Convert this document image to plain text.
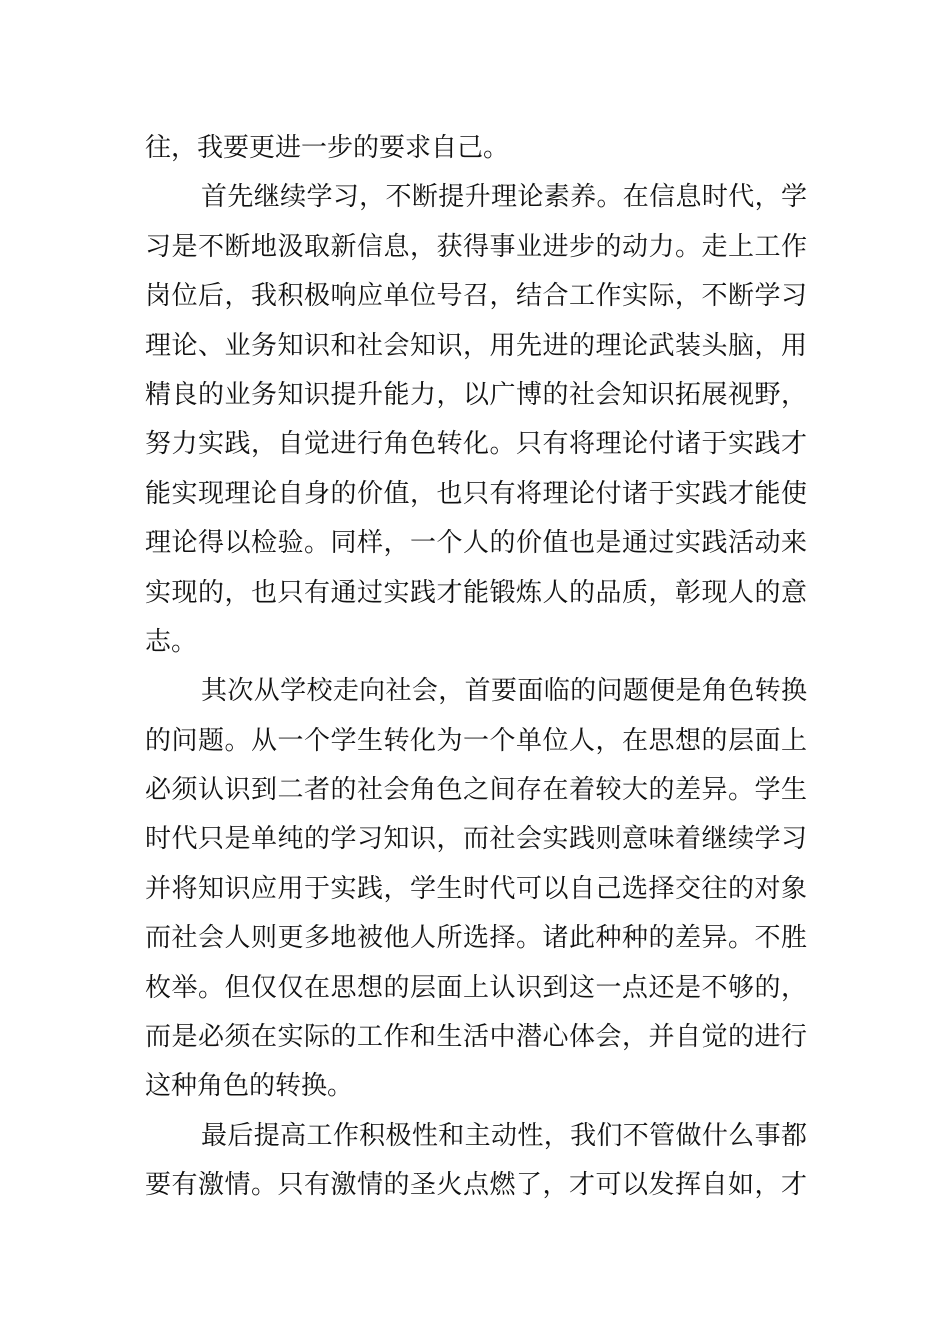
往，我要更进一步的要求自己。
首先继续学习，不断提升理论素养。在信息时代，学
习是不断地汲取新信息，获得事业进步的动力。走上工作
岗位后，我积极响应单位号召，结合工作实际，不断学习
理论、业务知识和社会知识，用先进的理论武装头脑，用
精良的业务知识提升能力，以广博的社会知识拓展视野，
努力实践，自觉进行角色转化。只有将理论付诸于实践才
能实现理论自身的价值，也只有将理论付诸于实践才能使
理论得以检验。同样，一个人的价值也是通过实践活动来
实现的，也只有通过实践才能锻炼人的品质，彰现人的意
志。
其次从学校走向社会，首要面临的问题便是角色转换
的问题。从一个学生转化为一个单位人，在思想的层面上
必须认识到二者的社会角色之间存在着较大的差异。学生
时代只是单纯的学习知识，而社会实践则意味着继续学习
并将知识应用于实践，学生时代可以自己选择交往的对象
而社会人则更多地被他人所选择。诸此种种的差异。不胜
枚举。但仅仅在思想的层面上认识到这一点还是不够的，
而是必须在实际的工作和生活中潜心体会，并自觉的进行
这种角色的转换。
最后提高工作积极性和主动性，我们不管做什么事都
要有激情。只有激情的圣火点燃了，才可以发挥自如，才
